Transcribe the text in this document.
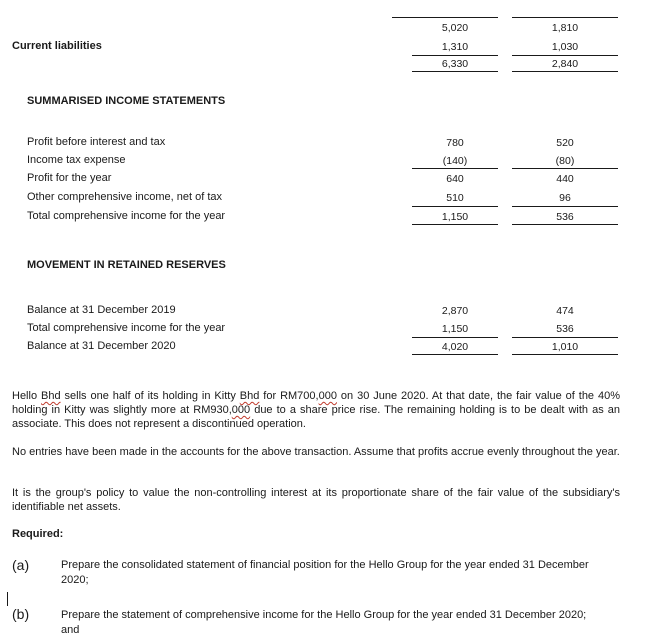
5,020	1,810
Current liabilities	1,310	1,030
6,330	2,840
SUMMARISED INCOME STATEMENTS
Profit before interest and tax	780	520
Income tax expense	(140)	(80)
Profit for the year	640	440
Other comprehensive income, net of tax	510	96
Total comprehensive income for the year	1,150	536
MOVEMENT IN RETAINED RESERVES
Balance at 31 December 2019	2,870	474
Total comprehensive income for the year	1,150	536
Balance at 31 December 2020	4,020	1,010
Hello Bhd sells one half of its holding in Kitty Bhd for RM700,000 on 30 June 2020. At that date, the fair value of the 40% holding in Kitty was slightly more at RM930,000 due to a share price rise. The remaining holding is to be dealt with as an associate. This does not represent a discontinued operation.
No entries have been made in the accounts for the above transaction. Assume that profits accrue evenly throughout the year.
It is the group's policy to value the non-controlling interest at its proportionate share of the fair value of the subsidiary's identifiable net assets.
Required:
(a)	Prepare the consolidated statement of financial position for the Hello Group for the year ended 31 December 2020;
(b)	Prepare the statement of comprehensive income for the Hello Group for the year ended 31 December 2020; and
